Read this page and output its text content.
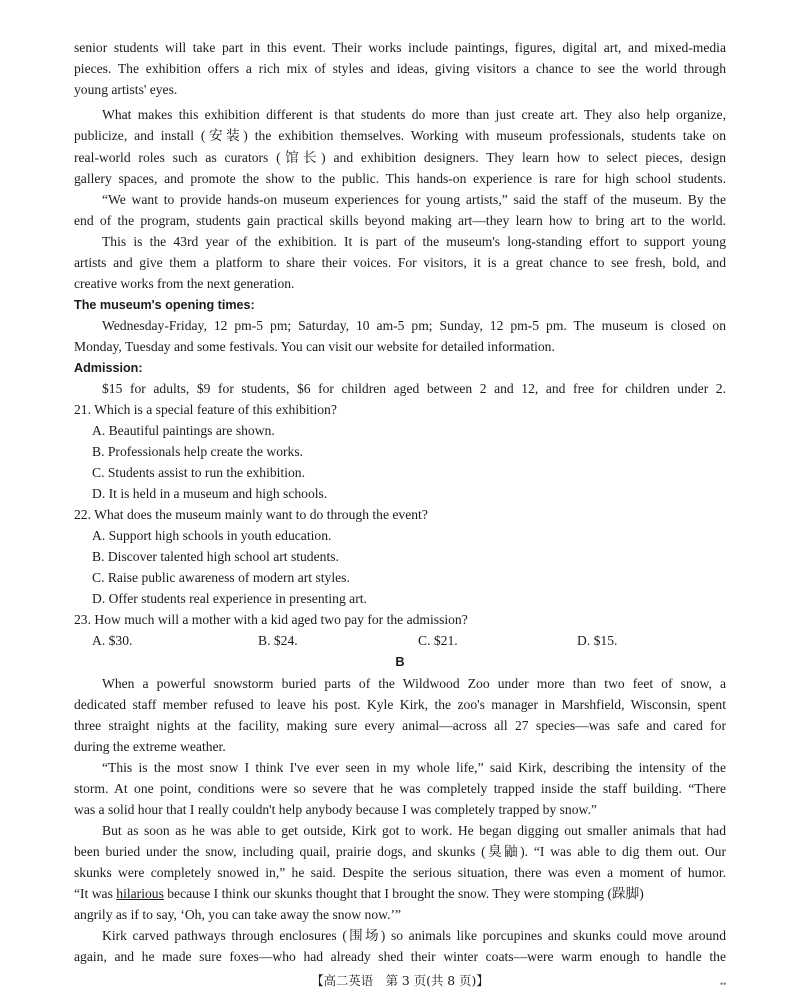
senior students will take part in this event. Their works include paintings, figures, digital art, and mixed-media
pieces. The exhibition offers a rich mix of styles and ideas, giving visitors a chance to see the world through
young artists' eyes.
What makes this exhibition different is that students do more than just create art. They also help organize,
publicize, and install (安装) the exhibition themselves. Working with museum professionals, students take on
real-world roles such as curators (馆长) and exhibition designers. They learn how to select pieces, design
gallery spaces, and promote the show to the public. This hands-on experience is rare for high school students.
“We want to provide hands-on museum experiences for young artists,” said the staff of the museum. By the
end of the program, students gain practical skills beyond making art—they learn how to bring art to the world.
This is the 43rd year of the exhibition. It is part of the museum's long-standing effort to support young
artists and give them a platform to share their voices. For visitors, it is a great chance to see fresh, bold, and
creative works from the next generation.
The museum's opening times:
Wednesday-Friday, 12 pm-5 pm; Saturday, 10 am-5 pm; Sunday, 12 pm-5 pm. The museum is closed on
Monday, Tuesday and some festivals. You can visit our website for detailed information.
Admission:
$15 for adults, $9 for students, $6 for children aged between 2 and 12, and free for children under 2.
21. Which is a special feature of this exhibition?
A. Beautiful paintings are shown.
B. Professionals help create the works.
C. Students assist to run the exhibition.
D. It is held in a museum and high schools.
22. What does the museum mainly want to do through the event?
A. Support high schools in youth education.
B. Discover talented high school art students.
C. Raise public awareness of modern art styles.
D. Offer students real experience in presenting art.
23. How much will a mother with a kid aged two pay for the admission?
A. $30.	B. $24.	C. $21.	D. $15.
B
When a powerful snowstorm buried parts of the Wildwood Zoo under more than two feet of snow, a
dedicated staff member refused to leave his post. Kyle Kirk, the zoo's manager in Marshfield, Wisconsin, spent
three straight nights at the facility, making sure every animal—across all 27 species—was safe and cared for
during the extreme weather.
“This is the most snow I think I've ever seen in my whole life,” said Kirk, describing the intensity of the
storm. At one point, conditions were so severe that he was completely trapped inside the staff building. “There
was a solid hour that I really couldn't help anybody because I was completely trapped by snow.”
But as soon as he was able to get outside, Kirk got to work. He began digging out smaller animals that had
been buried under the snow, including quail, prairie dogs, and skunks (臭鼬). “I was able to dig them out. Our
skunks were completely snowed in,” he said. Despite the serious situation, there was even a moment of humor.
“It was hilarious because I think our skunks thought that I brought the snow. They were stomping (跺脚)
angrily as if to say, ‘Oh, you can take away the snow now.’”
Kirk carved pathways through enclosures (围场) so animals like porcupines and skunks could move around
again, and he made sure foxes—who had already shed their winter coats—were warm enough to handle the
【高二英语　第 3 页(共 8 页)】	••
